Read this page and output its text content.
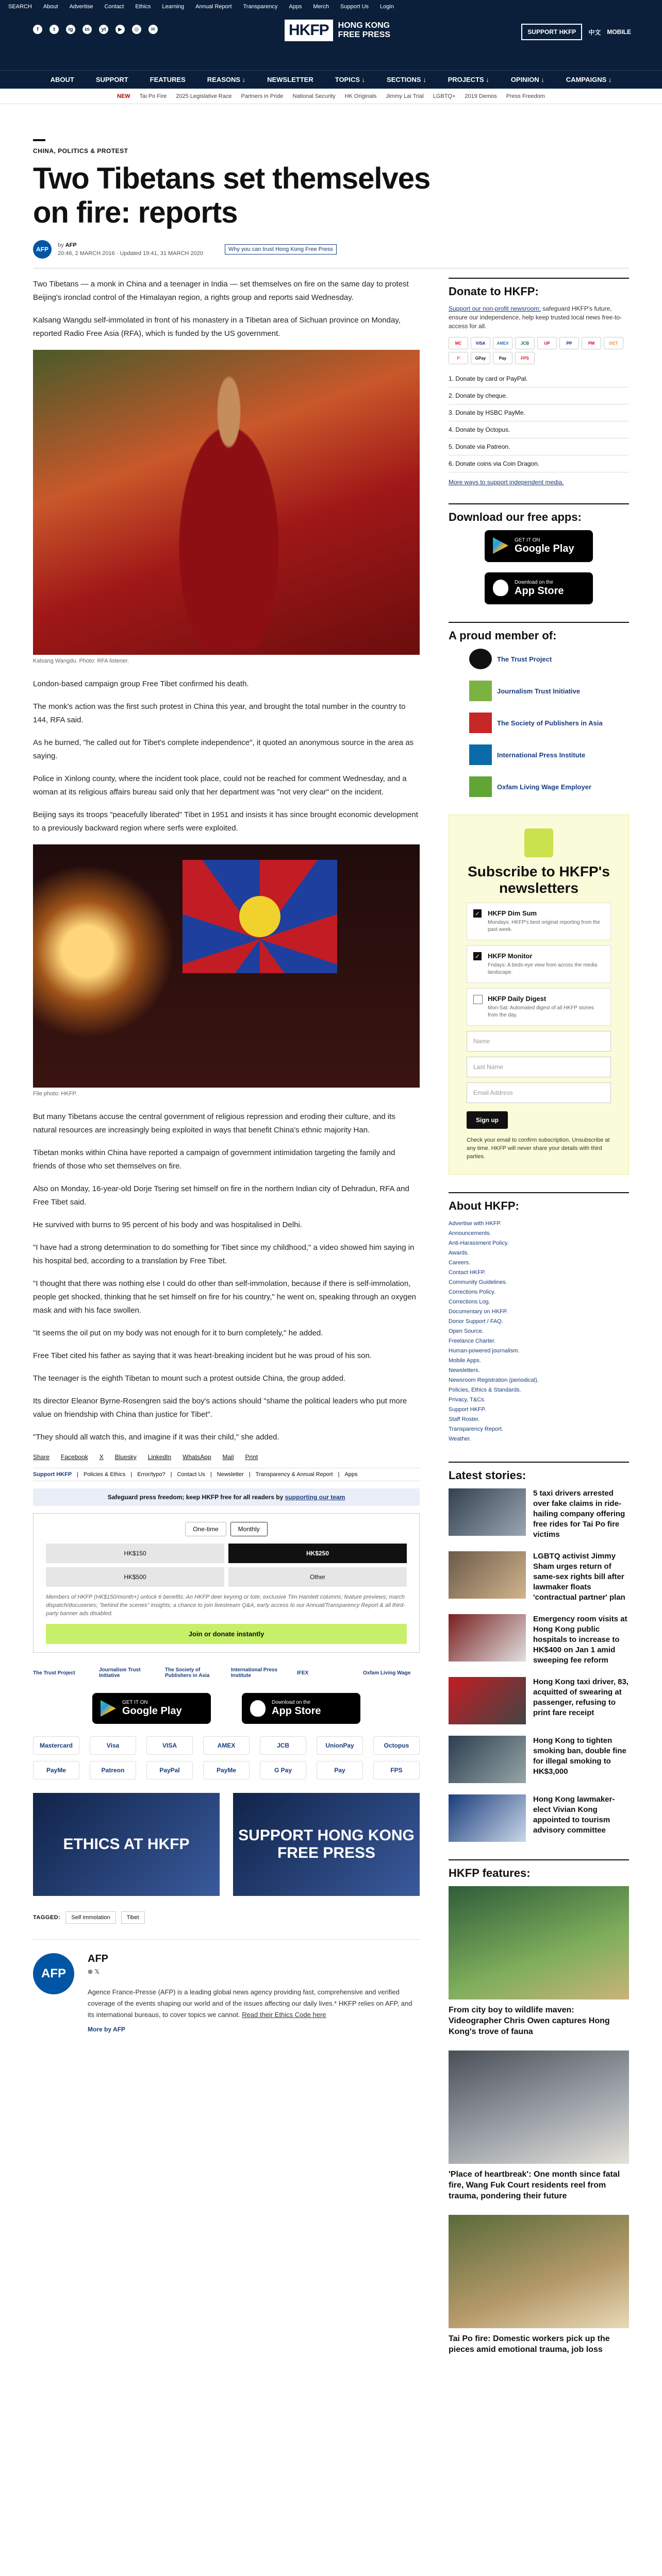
SEARCH About Advertise Contact Ethics Learning Annual Report Transparency Apps Merch Support Us Login
f	t	ig	in	yt	▶	◎	✉	HKFP	HONG KONG
FREE PRESS	SUPPORT HKFP	中文 MOBILE
ABOUT	SUPPORT	FEATURES	REASONS ↓	NEWSLETTER	TOPICS ↓	SECTIONS ↓	PROJECTS ↓	OPINION ↓	CAMPAIGNS ↓
NEW Tai Po Fire 2025 Legislative Race Partners in Pride National Security HK Originals Jimmy Lai Trial LGBTQ+ 2019 Demos Press Freedom
CHINA, POLITICS & PROTEST
Two Tibetans set themselves on fire: reports
AFP
by AFP
20:46, 2 MARCH 2016 · Updated 19:41, 31 MARCH 2020
Why you can trust Hong Kong Free Press

Two Tibetans — a monk in China and a teenager in India — set themselves on fire on the same day to protest Beijing's ironclad control of the Himalayan region, a rights group and reports said Wednesday.

Kalsang Wangdu self-immolated in front of his monastery in a Tibetan area of Sichuan province on Monday, reported Radio Free Asia (RFA), which is funded by the US government.

Kalsang Wangdu. Photo: RFA listener.

London-based campaign group Free Tibet confirmed his death.

The monk's action was the first such protest in China this year, and brought the total number in the country to 144, RFA said.

As he burned, "he called out for Tibet's complete independence", it quoted an anonymous source in the area as saying.

Police in Xinlong county, where the incident took place, could not be reached for comment Wednesday, and a woman at its religious affairs bureau said only that her department was "not very clear" on the incident.

Beijing says its troops "peacefully liberated" Tibet in 1951 and insists it has since brought economic development to a previously backward region where serfs were exploited.

File photo: HKFP.

But many Tibetans accuse the central government of religious repression and eroding their culture, and its natural resources are increasingly being exploited in ways that benefit China's ethnic majority Han.

Tibetan monks within China have reported a campaign of government intimidation targeting the family and friends of those who set themselves on fire.

Also on Monday, 16-year-old Dorje Tsering set himself on fire in the northern Indian city of Dehradun, RFA and Free Tibet said.

He survived with burns to 95 percent of his body and was hospitalised in Delhi.

"I have had a strong determination to do something for Tibet since my childhood," a video showed him saying in his hospital bed, according to a translation by Free Tibet.

"I thought that there was nothing else I could do other than self-immolation, because if there is self-immolation, people get shocked, thinking that he set himself on fire for his country," he went on, speaking through an oxygen mask and with his face swollen.

"It seems the oil put on my body was not enough for it to burn completely," he added.

Free Tibet cited his father as saying that it was heart-breaking incident but he was proud of his son.

The teenager is the eighth Tibetan to mount such a protest outside China, the group added.

Its director Eleanor Byrne-Rosengren said the boy's actions should "shame the political leaders who put more value on friendship with China than justice for Tibet".

"They should all watch this, and imagine if it was their child," she added.

Share Facebook X Bluesky LinkedIn WhatsApp Mail Print
Support HKFP | Policies & Ethics | Error/typo? | Contact Us | Newsletter | Transparency & Annual Report | Apps
Safeguard press freedom; keep HKFP free for all readers by supporting our team
One-time	Monthly
HK$150	HK$250
HK$500	Other
Members of HKFP (HK$150/month+) unlock 6 benefits: An HKFP deer keyring or tote; exclusive Tim Hamlett columns; feature previews; march dispatch/docuseries; "behind the scenes" insights; a chance to join livestream Q&A, early access to our Annual/Transparency Report & all third-party banner ads disabled.
Join or donate instantly
The Trust Project	Journalism Trust Initiative
The Society of Publishers in Asia
International Press Institute	IFEX	Oxfam Living Wage
GET IT ON
Google Play
Download on the
App Store
Mastercard	Visa	VISA	AMEX	JCB	UnionPay	Octopus
PayMe	Patreon	PayPal	PayMe	G Pay	Pay	FPS
ETHICS AT HKFP
SUPPORT HONG KONG FREE PRESS
TAGGED:	Self immolation	Tibet
AFP
AFP
⊕ 𝕏
Agence France-Presse (AFP) is a leading global news agency providing fast, comprehensive and verified coverage of the events shaping our world and of the issues affecting our daily lives.* HKFP relies on AFP, and its international bureaus, to cover topics we cannot. Read their Ethics Code here
More by AFP
Donate to HKFP:
Support our non-profit newsroom: safeguard HKFP's future, ensure our independence, help keep trusted local news free-to-access for all.
MC	VISA	AMEX	JCB	UP	PP	PM	OCT
P	GPay	Pay	FPS
1. Donate by card or PayPal.
2. Donate by cheque.
3. Donate by HSBC PayMe.
4. Donate by Octopus.
5. Donate via Patreon.
6. Donate coins via Coin Dragon.
More ways to support independent media.
Download our free apps:
GET IT ON
Google Play
Download on the
App Store
A proud member of:
The Trust Project
Journalism Trust Initiative
The Society of Publishers in Asia
International Press Institute
Oxfam Living Wage Employer
Subscribe to HKFP's newsletters
✓ HKFP Dim Sum
Mondays: HKFP's best original reporting from the past week.
✓ HKFP Monitor
Fridays: A birds-eye view from across the media landscape.
HKFP Daily Digest
Mon-Sat: Automated digest of all HKFP stories from the day.
Name
Last Name
Email Address
Sign up
Check your email to confirm subscription. Unsubscribe at any time. HKFP will never share your details with third parties.
About HKFP:
Advertise with HKFP.
Announcements.
Anti-Harassment Policy.
Awards.
Careers.
Contact HKFP.
Community Guidelines.
Corrections Policy.
Corrections Log.
Documentary on HKFP.
Donor Support / FAQ.
Open Source.
Freelance Charter.
Human-powered journalism.
Mobile Apps.
Newsletters.
Newsroom Registration (periodical).
Policies, Ethics & Standards.
Privacy, T&Cs.
Support HKFP.
Staff Roster.
Transparency Report.
Weather.
Latest stories:
5 taxi drivers arrested over fake claims in ride-hailing company offering free rides for Tai Po fire victims
LGBTQ activist Jimmy Sham urges return of same-sex rights bill after lawmaker floats 'contractual partner' plan
Emergency room visits at Hong Kong public hospitals to increase to HK$400 on Jan 1 amid sweeping fee reform
Hong Kong taxi driver, 83, acquitted of swearing at passenger, refusing to print fare receipt
Hong Kong to tighten smoking ban, double fine for illegal smoking to HK$3,000
Hong Kong lawmaker-elect Vivian Kong appointed to tourism advisory committee
HKFP features:
From city boy to wildlife maven: Videographer Chris Owen captures Hong Kong's trove of fauna
'Place of heartbreak': One month since fatal fire, Wang Fuk Court residents reel from trauma, pondering their future
Tai Po fire: Domestic workers pick up the pieces amid emotional trauma, job loss
